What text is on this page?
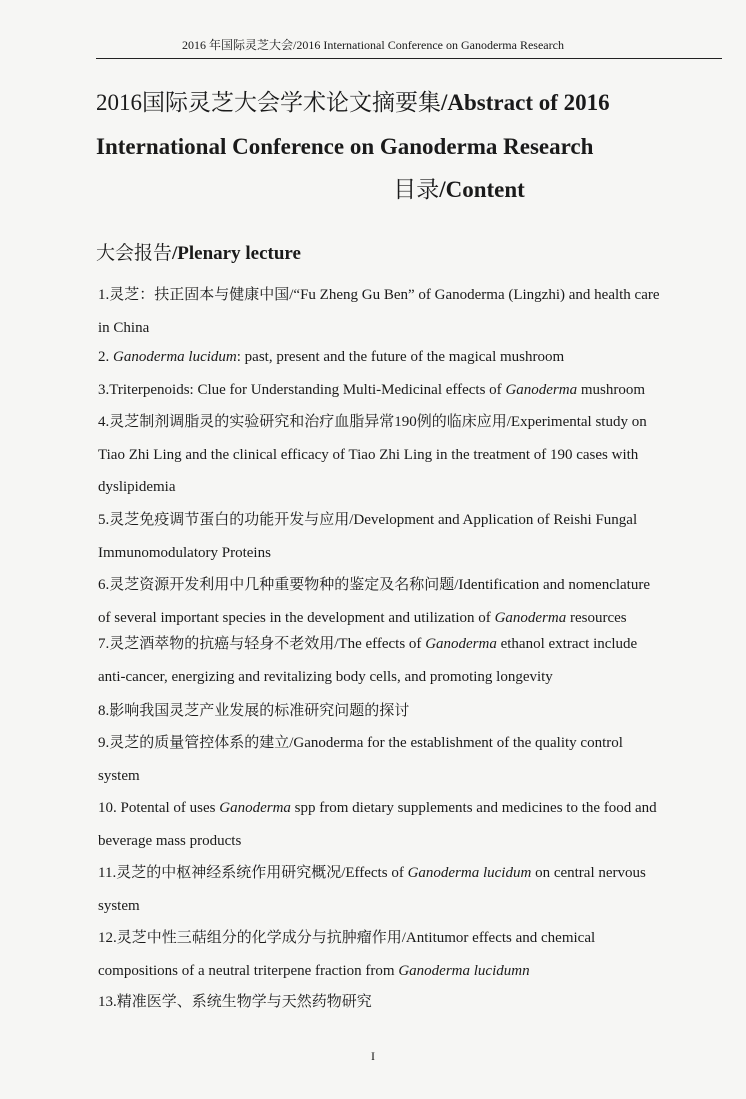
2016 年国际灵芝大会/2016 International Conference on Ganoderma Research
2016国际灵芝大会学术论文摘要集/Abstract of 2016
International Conference on Ganoderma Research
目录/Content
大会报告/Plenary lecture
1.灵芝：扶正固本与健康中国/“Fu Zheng Gu Ben” of Ganoderma (Lingzhi) and health care
in China
2. Ganoderma lucidum: past, present and the future of the magical mushroom
3.Triterpenoids: Clue for Understanding Multi-Medicinal effects of Ganoderma mushroom
4.灵芝制剂调脂灵的实验研究和治疗血脂异常190例的临床应用/Experimental study on
Tiao Zhi Ling and the clinical efficacy of Tiao Zhi Ling in the treatment of 190 cases with
dyslipidemia
5.灵芝免疫调节蛋白的功能开发与应用/Development and Application of Reishi Fungal
Immunomodulatory Proteins
6.灵芝资源开发利用中几种重要物种的鉴定及名称问题/Identification and nomenclature
of several important species in the development and utilization of Ganoderma resources
7.灵芝酒萃物的抗癌与轻身不老效用/The effects of Ganoderma ethanol extract include
anti-cancer, energizing and revitalizing body cells, and promoting longevity
8.影响我国灵芝产业发展的标准研究问题的探讨
9.灵芝的质量管控体系的建立/Ganoderma for the establishment of the quality control
system
10. Potental of uses Ganoderma spp from dietary supplements and medicines to the food and
beverage mass products
11.灵芝的中枢神经系统作用研究概况/Effects of Ganoderma lucidum on central nervous
system
12.灵芝中性三萜组分的化学成分与抗肿瘤作用/Antitumor effects and chemical
compositions of a neutral triterpene fraction from Ganoderma lucidumn
13.精准医学、系统生物学与天然药物研究
I
